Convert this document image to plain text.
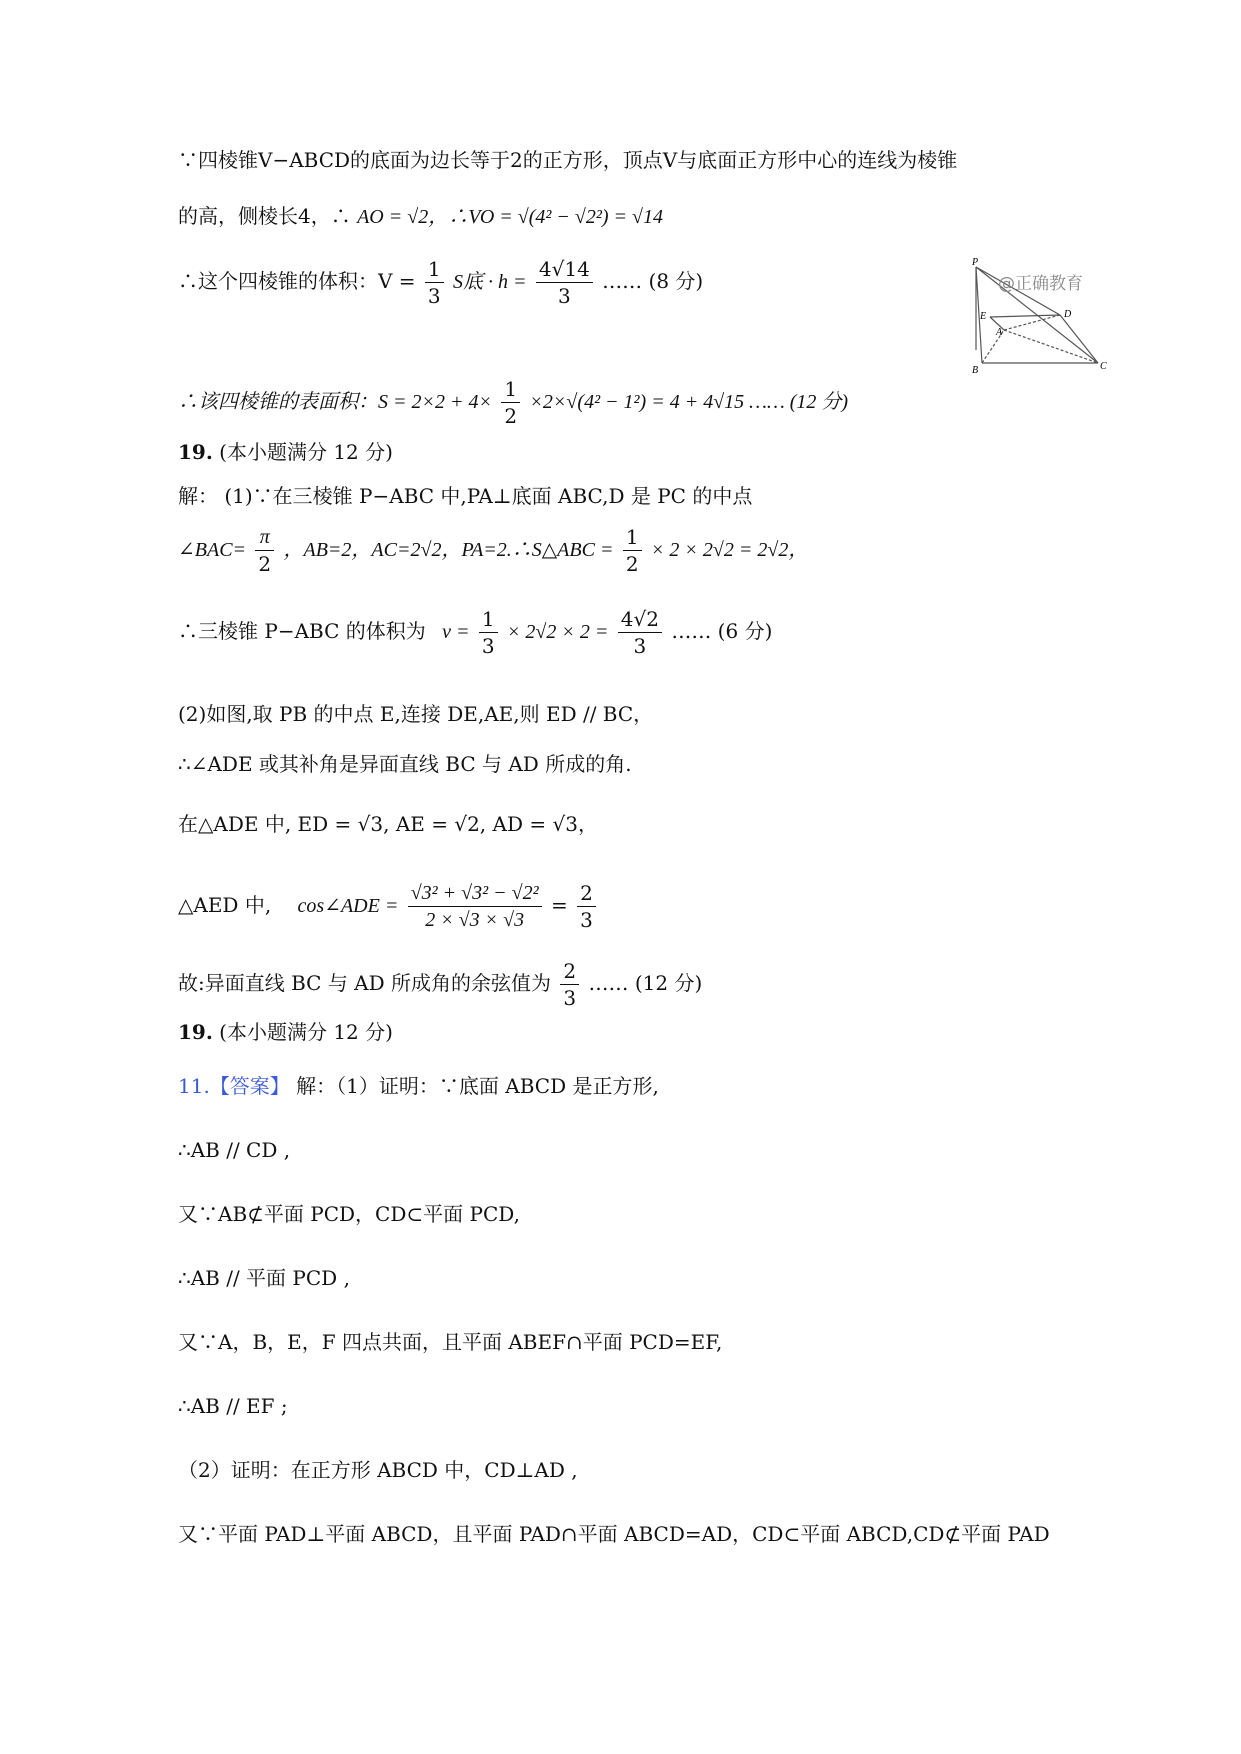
∵四棱锥V−ABCD的底面为边长等于2的正方形，顶点V与底面正方形中心的连线为棱锥
的高，侧棱长4，∴ AO = √2，∴VO = √(4² − √2²) = √14
∴这个四棱锥的体积：$V = \frac{1}{3}$ S底 · $h = \frac{4√14}{3}$ …… (8 分)
P
E
A
D
B	C
@正确教育
∴该四棱锥的表面积：$S = 2\times 2 + 4\times \frac{1}{2} \times 2\times√(4^2 - 1^2) = 4 + 4√15$ …… (12 分)
19. (本小题满分 12 分)
解： (1)∵在三棱锥 P−ABC 中,PA⊥底面 ABC,D 是 PC 的中点
∠BAC= $\frac{\pi}{2}$ ，AB=2，AC=2√2，PA=2.∴S△ABC = $\frac{1}{2} \times 2 \times 2√2 = 2√2$，
∴三棱锥 P−ABC 的体积为 $v = \frac{1}{3} \times 2√2 \times 2 = \frac{4√2}{3}$ …… (6 分)
(2)如图,取 PB 的中点 E,连接 DE,AE,则 ED // BC，
∴∠ADE 或其补角是异面直线 BC 与 AD 所成的角.
在△ADE 中, ED = √3, AE = √2, AD = √3，
△AED 中, cos∠ADE = $\frac{\text{√3² + √3² − √2²}}{2 \times √3 \times √3} = \frac{2}{3}$
故:异面直线 BC 与 AD 所成角的余弦值为 $\frac{2}{3}$ …… (12 分)
19. (本小题满分 12 分)
11.【答案】 解：（1）证明：∵底面 ABCD 是正方形,
∴AB // CD ,
又∵AB⊄平面 PCD，CD⊂平面 PCD,
∴AB // 平面 PCD ,
又∵A，B，E，F 四点共面，且平面 ABEF∩平面 PCD=EF,
∴AB // EF ;
（2）证明：在正方形 ABCD 中，CD⊥AD ,
又∵平面 PAD⊥平面 ABCD，且平面 PAD∩平面 ABCD=AD，CD⊂平面 ABCD,CD⊄平面 PAD
